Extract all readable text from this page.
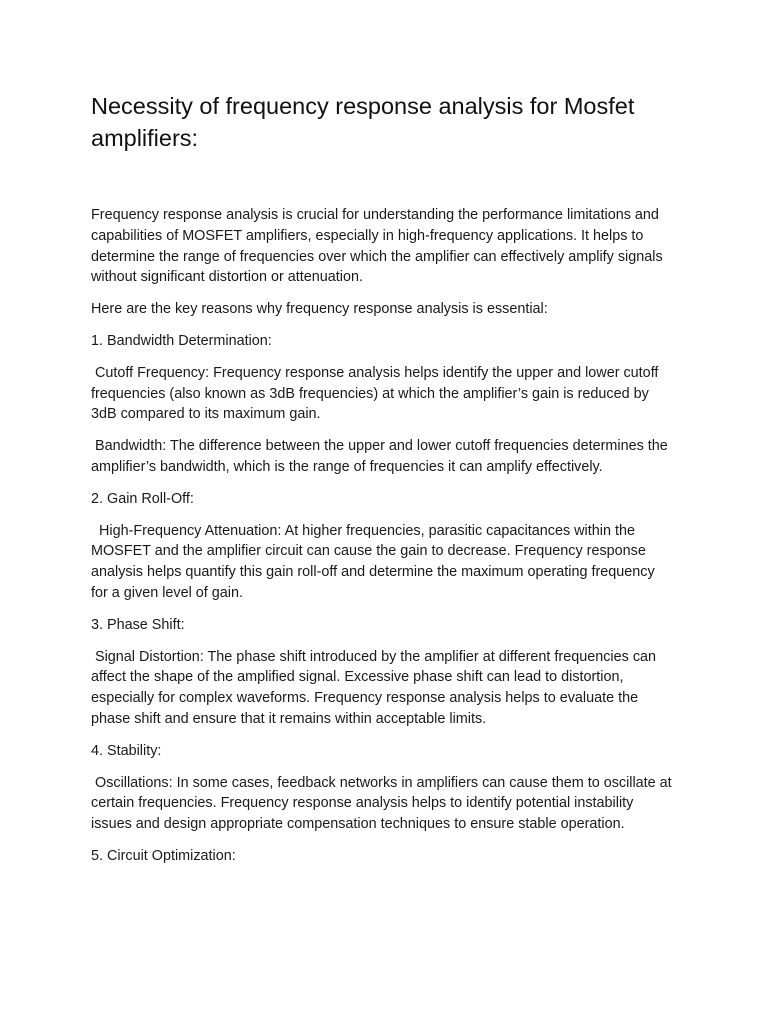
Necessity of frequency response analysis for Mosfet amplifiers:

Frequency response analysis is crucial for understanding the performance limitations and capabilities of MOSFET amplifiers, especially in high-frequency applications. It helps to determine the range of frequencies over which the amplifier can effectively amplify signals without significant distortion or attenuation.

Here are the key reasons why frequency response analysis is essential:

1. Bandwidth Determination:

Cutoff Frequency: Frequency response analysis helps identify the upper and lower cutoff frequencies (also known as 3dB frequencies) at which the amplifier’s gain is reduced by 3dB compared to its maximum gain.

Bandwidth: The difference between the upper and lower cutoff frequencies determines the amplifier’s bandwidth, which is the range of frequencies it can amplify effectively.

2. Gain Roll-Off:

High-Frequency Attenuation: At higher frequencies, parasitic capacitances within the MOSFET and the amplifier circuit can cause the gain to decrease. Frequency response analysis helps quantify this gain roll-off and determine the maximum operating frequency for a given level of gain.

3. Phase Shift:

Signal Distortion: The phase shift introduced by the amplifier at different frequencies can affect the shape of the amplified signal. Excessive phase shift can lead to distortion, especially for complex waveforms. Frequency response analysis helps to evaluate the phase shift and ensure that it remains within acceptable limits.

4. Stability:

Oscillations: In some cases, feedback networks in amplifiers can cause them to oscillate at certain frequencies. Frequency response analysis helps to identify potential instability issues and design appropriate compensation techniques to ensure stable operation.

5. Circuit Optimization:
